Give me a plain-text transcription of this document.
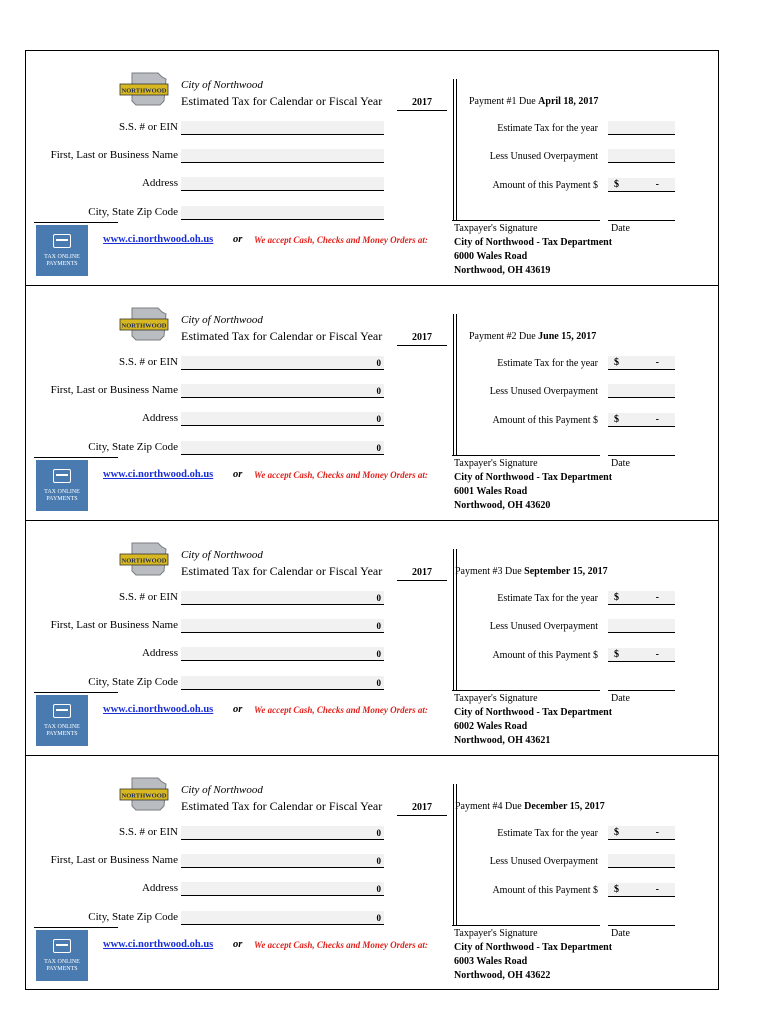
NORTHWOOD City of Northwood
Estimated Tax for Calendar or Fiscal Year	2017	Payment #1 Due April 18, 2017
S.S. # or EIN
First, Last or Business Name
Address
City, State Zip Code
Estimate Tax for the year
Less Unused Overpayment
Amount of this Payment $ $	-
Taxpayer's Signature	Date
TAX ONLINE PAYMENTS
www.ci.northwood.oh.us or We accept Cash, Checks and Money Orders at:	City of Northwood - Tax Department
6000 Wales Road
Northwood, OH 43619
NORTHWOOD City of Northwood
Estimated Tax for Calendar or Fiscal Year	2017	Payment #2 Due June 15, 2017
S.S. # or EIN	0
First, Last or Business Name	0
Address	0
City, State Zip Code	0
Estimate Tax for the year $	-
Less Unused Overpayment
Amount of this Payment $ $	-
Taxpayer's Signature	Date
TAX ONLINE PAYMENTS
www.ci.northwood.oh.us or We accept Cash, Checks and Money Orders at:	City of Northwood - Tax Department
6001 Wales Road
Northwood, OH 43620
NORTHWOOD City of Northwood
Estimated Tax for Calendar or Fiscal Year	2017	Payment #3 Due September 15, 2017
S.S. # or EIN	0
First, Last or Business Name	0
Address	0
City, State Zip Code	0
Estimate Tax for the year $	-
Less Unused Overpayment
Amount of this Payment $ $	-
Taxpayer's Signature	Date
TAX ONLINE PAYMENTS
www.ci.northwood.oh.us or We accept Cash, Checks and Money Orders at:	City of Northwood - Tax Department
6002 Wales Road
Northwood, OH 43621
NORTHWOOD City of Northwood
Estimated Tax for Calendar or Fiscal Year	2017	Payment #4 Due December 15, 2017
S.S. # or EIN	0
First, Last or Business Name	0
Address	0
City, State Zip Code	0
Estimate Tax for the year $	-
Less Unused Overpayment
Amount of this Payment $ $	-
Taxpayer's Signature	Date
TAX ONLINE PAYMENTS
www.ci.northwood.oh.us or We accept Cash, Checks and Money Orders at:	City of Northwood - Tax Department
6003 Wales Road
Northwood, OH 43622
